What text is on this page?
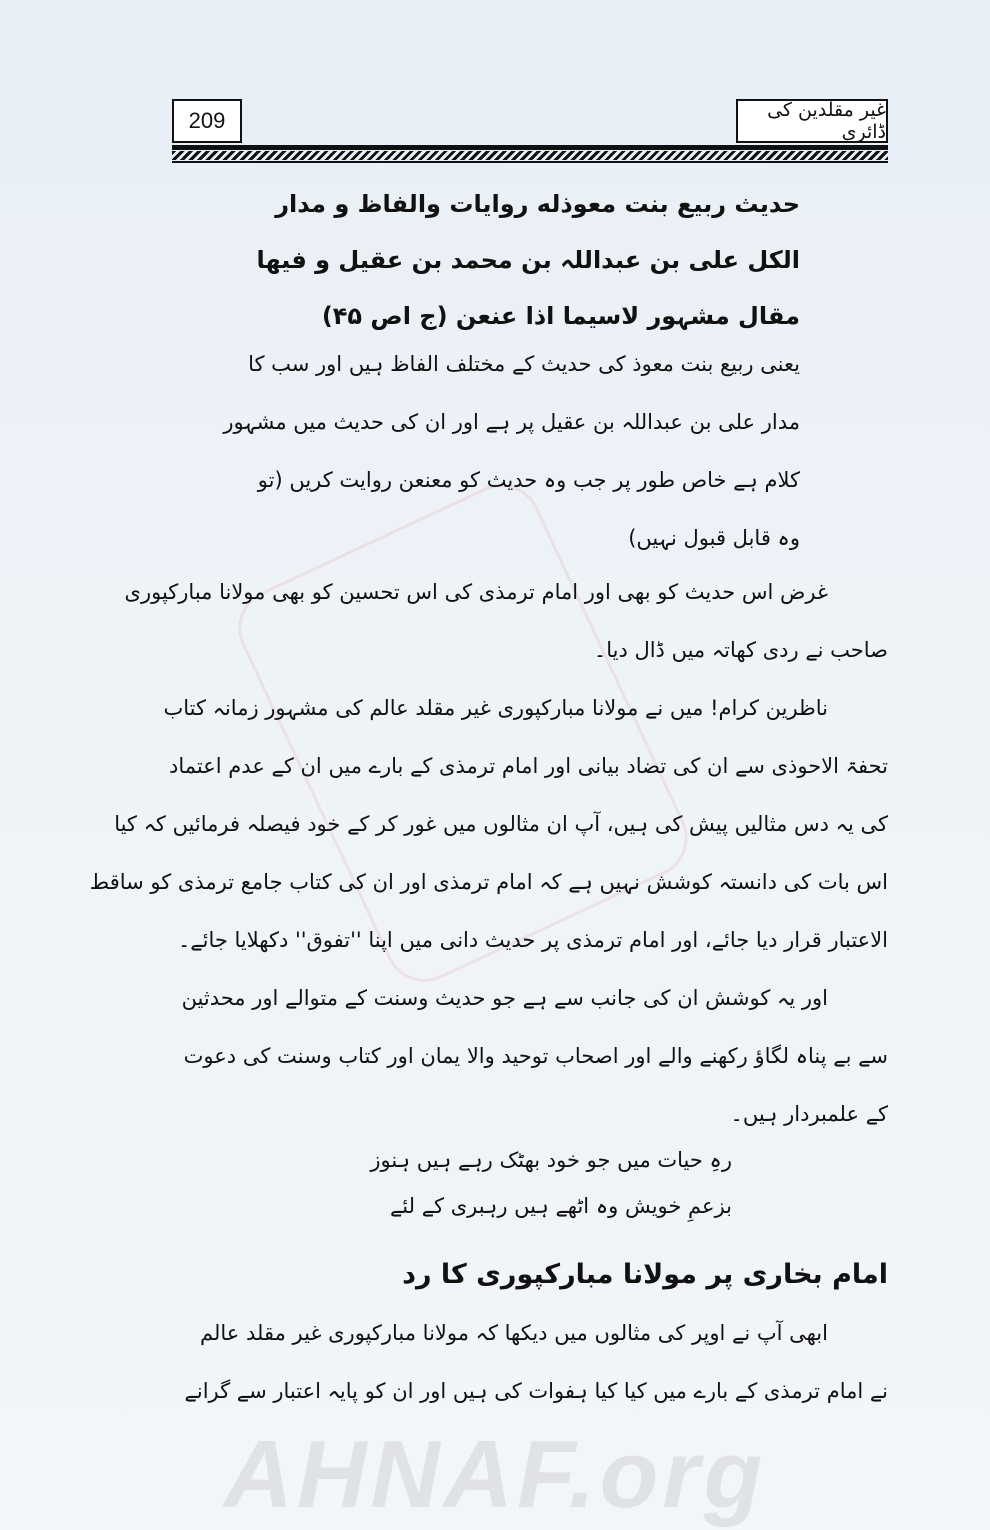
209	غیر مقلدین کی ڈائری
حدیث ربیع بنت معوذله روایات والفاظ و مدار
الکل علی بن عبداللہ بن محمد بن عقیل و فیها
مقال مشہور لاسیما اذا عنعن (ج اص ۴۵)
یعنی ربیع بنت معوذ کی حدیث کے مختلف الفاظ ہیں اور سب کا
مدار علی بن عبداللہ بن عقیل پر ہے اور ان کی حدیث میں مشہور
کلام ہے خاص طور پر جب وہ حدیث کو معنعن روایت کریں (تو
وہ قابل قبول نہیں)
غرض اس حدیث کو بھی اور امام ترمذی کی اس تحسین کو بھی مولانا مبارکپوری
صاحب نے ردی کھاتہ میں ڈال دیا۔
ناظرین کرام! میں نے مولانا مبارکپوری غیر مقلد عالم کی مشہور زمانہ کتاب
تحفۃ الاحوذی سے ان کی تضاد بیانی اور امام ترمذی کے بارے میں ان کے عدم اعتماد
کی یہ دس مثالیں پیش کی ہیں، آپ ان مثالوں میں غور کر کے خود فیصلہ فرمائیں کہ کیا
اس بات کی دانستہ کوشش نہیں ہے کہ امام ترمذی اور ان کی کتاب جامع ترمذی کو ساقط
الاعتبار قرار دیا جائے، اور امام ترمذی پر حدیث دانی میں اپنا ''تفوق'' دکھلایا جائے۔
اور یہ کوشش ان کی جانب سے ہے جو حدیث وسنت کے متوالے اور محدثین
سے بے پناہ لگاؤ رکھنے والے اور اصحاب توحید والا یمان اور کتاب وسنت کی دعوت
کے علمبردار ہیں۔
رہِ حیات میں جو خود بھٹک رہے ہیں ہنوز
بزعمِ خویش وہ اٹھے ہیں رہبری کے لئے
امام بخاری پر مولانا مبارکپوری کا رد
ابھی آپ نے اوپر کی مثالوں میں دیکھا کہ مولانا مبارکپوری غیر مقلد عالم
نے امام ترمذی کے بارے میں کیا کیا ہفوات کی ہیں اور ان کو پایہ اعتبار سے گرانے
AHNAF.org
